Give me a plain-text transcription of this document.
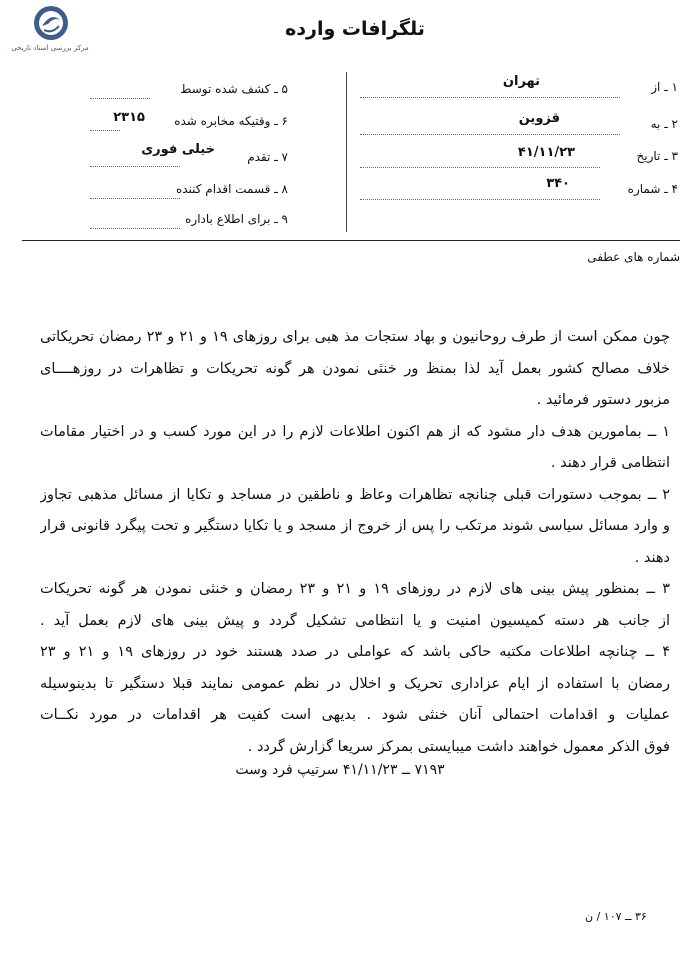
مرکز بررسی اسناد تاریخی
تلگرافات وارده
۱ ـ از
تهران
۲ ـ به
قزوین
۳ ـ تاریخ
۴۱/۱۱/۲۳
۴ ـ شماره
۳۴۰
۵ ـ کشف شده توسط
۶ ـ وقتیکه مخابره شده
۲۳۱۵
۷ ـ تقدم
خیلی فوری
۸ ـ قسمت اقدام کننده
۹ ـ برای اطلاع باداره
شماره های عطفی
چون ممکن است از طرف روحانیون و بهاد ستجات مذ هبی برای روزهای ۱۹ و ۲۱ و ۲۳ رمضان تحریکاتی
خلاف مصالح کشور بعمل آید لذا بمنظ ور خنثی نمودن هر گونه تحریکات و تظاهرات در روزهــــای
مزبور دستور فرمائید .
۱ ــ بمامورین هدف دار مشود که از هم اکنون اطلاعات لازم را در این مورد کسب و در اختیار مقامات
انتظامی قرار دهند .
۲ ــ بموجب دستورات قبلی چنانچه تظاهرات وعاظ و ناطقین در مساجد و تکایا از مسائل مذهبی تجاوز
و وارد مسائل سیاسی شوند مرتکب را پس از خروج از مسجد و یا تکایا دستگیر و تحت پیگرد قانونی قرار
دهند .
۳ ــ بمنظور پیش بینی های لازم در روزهای ۱۹ و ۲۱ و ۲۳ رمضان و خنثی نمودن هر گونه تحریکات
از جانب هر دسته کمیسیون امنیت و یا انتظامی تشکیل گردد و پیش بینی های لازم بعمل آید .
۴ ــ چنانچه اطلاعات مکتبه حاکی باشد که عواملی در صدد هستند خود در روزهای ۱۹ و ۲۱ و ۲۳
رمضان با استفاده از ایام عزاداری تحریک و اخلال در نظم عمومی نمایند قبلا دستگیر تا بدینوسیله
عملیات و اقدامات احتمالی آنان خنثی شود . بدیهی است کفیت هر اقدامات در مورد نکــات
فوق الذکر معمول خواهند داشت میبایستی بمرکز سریعا گزارش گردد .
۷۱۹۳ ــ ۴۱/۱۱/۲۳ سرتیپ فرد وست
۳۶ ــ ۱۰۷ / ن
